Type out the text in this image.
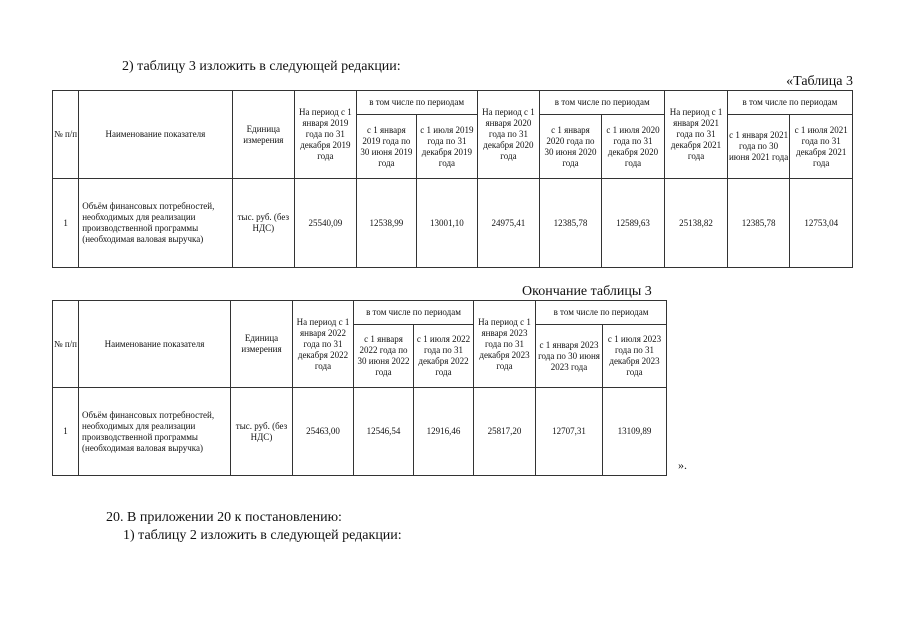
2) таблицу 3 изложить в следующей редакции:
«Таблица 3
№ п/п	Наименование показателя	Единица измерения	На период с 1 января 2019 года по 31 декабря 2019 года	в том числе по периодам		На период с 1 января 2020 года по 31 декабря 2020 года	в том числе по периодам		На период с 1 января 2021 года по 31 декабря 2021 года	в том числе по периодам	
				с 1 января 2019 года по 30 июня 2019 года	с 1 июля 2019 года по 31 декабря 2019 года		с 1 января 2020 года по 30 июня 2020 года	с 1 июля 2020 года по 31 декабря 2020 года		с 1 января 2021 года по 30 июня 2021 года	с 1 июля 2021 года по 31 декабря 2021 года
1	Объём финансовых потребностей, необходимых для реализации производственной программы (необходимая валовая выручка)	тыс. руб. (без НДС)	25540,09	12538,99	13001,10	24975,41	12385,78	12589,63	25138,82	12385,78	12753,04
Окончание таблицы 3
№ п/п	Наименование показателя	Единица измерения	На период с 1 января 2022 года по 31 декабря 2022 года	в том числе по периодам		На период с 1 января 2023 года по 31 декабря 2023 года	в том числе по периодам	
				с 1 января 2022 года по 30 июня 2022 года	с 1 июля 2022 года по 31 декабря 2022 года		с 1 января 2023 года по 30 июня 2023 года	с 1 июля 2023 года по 31 декабря 2023 года
1	Объём финансовых потребностей, необходимых для реализации производственной программы (необходимая валовая выручка)	тыс. руб. (без НДС)	25463,00	12546,54	12916,46	25817,20	12707,31	13109,89
».
20. В приложении 20 к постановлению:
1) таблицу 2 изложить в следующей редакции:
